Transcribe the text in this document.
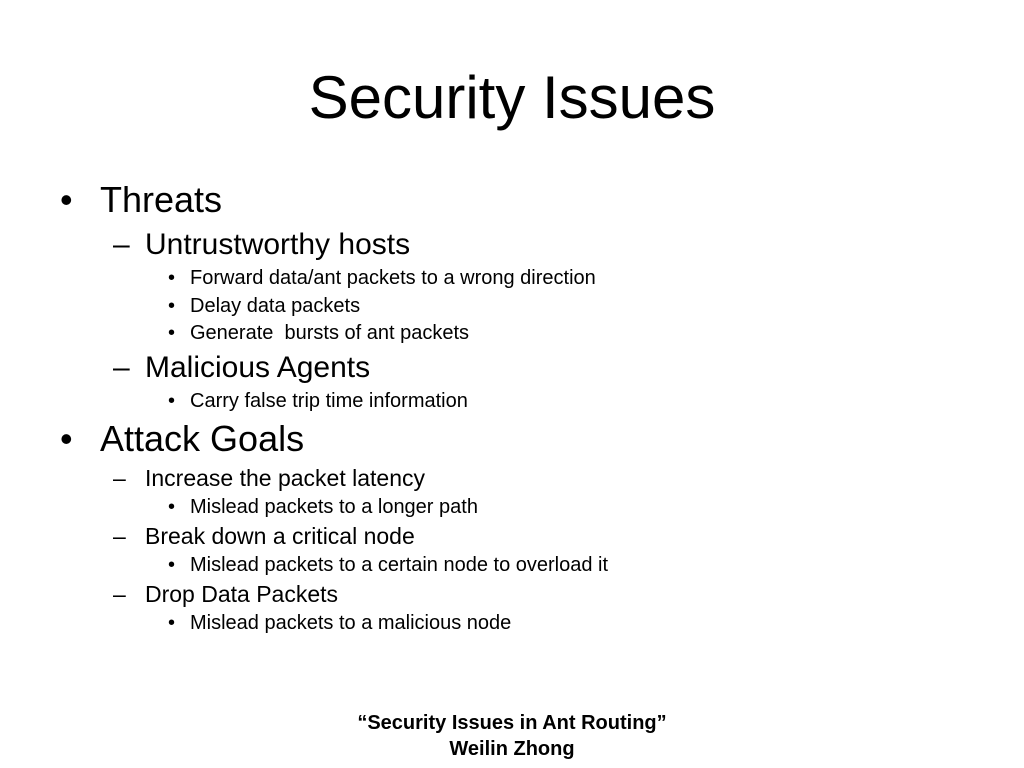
Security Issues
• Threats
– Untrustworthy hosts
• Forward data/ant packets to a wrong direction
• Delay data packets
• Generate  bursts of ant packets
– Malicious Agents
• Carry false trip time information
• Attack Goals
– Increase the packet latency
• Mislead packets to a longer path
– Break down a critical node
• Mislead packets to a certain node to overload it
– Drop Data Packets
• Mislead packets to a malicious node
“Security Issues in Ant Routing”
Weilin Zhong
